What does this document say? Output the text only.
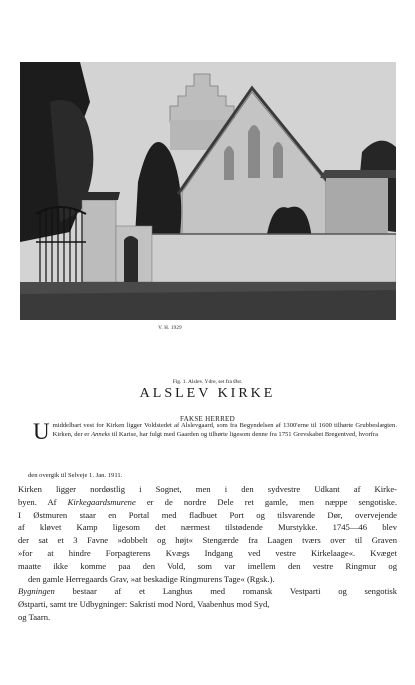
V. H. 1929
Fig. 1. Alslev. Ydre, set fra Øst.
ALSLEV KIRKE
FAKSE HERRED
Umiddelbart vest for Kirken ligger Voldstedet af Alslevgaard, som fra Begyndelsen af 1300'erne til 1600 tilhørte Grubbeslægten. Kirken, der er Anneks til Karise, har fulgt med Gaarden og tilhørte ligesom denne fra 1751 Grevskabet Bregentved, hvorfra
den overgik til Selveje 1. Jan. 1911.

Kirken ligger nordøstlig i Sognet, men i den sydvestre Udkant af Kirke-

byen. Af Kirkegaardsmurene er de nordre Dele ret gamle, men næppe sengotiske.

I Østmuren staar en Portal med fladbuet Port og tilsvarende Dør, overvejende

af kløvet Kamp ligesom det nærmest tilstødende Murstykke. 1745—46 blev

der sat et 3 Favne »dobbelt og højt« Stengærde fra Laagen tværs over til Graven

»for at hindre Forpagterens Kvægs Indgang ved vestre Kirkelaage«. Kvæget

maatte ikke komme paa den Vold, som var imellem den vestre Ringmur og

den gamle Herregaards Grav, »at beskadige Ringmurens Tage« (Rgsk.).

Bygningen bestaar af et Langhus med romansk Vestparti og sengotisk

Østparti, samt tre Udbygninger: Sakristi mod Nord, Vaabenhus mod Syd,

og Taarn.
